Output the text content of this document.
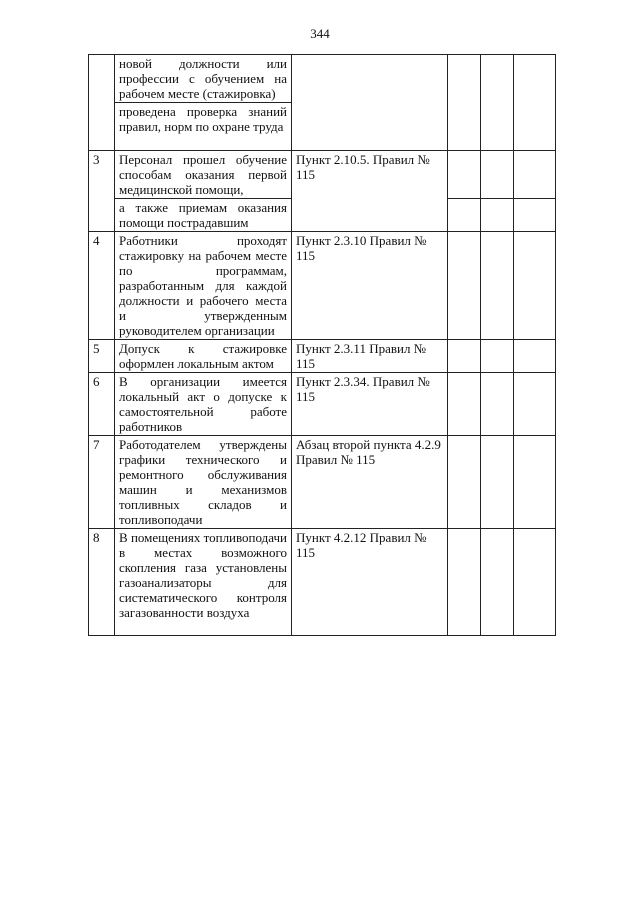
344
	новой должности или профессии с обучением на рабочем месте (стажировка)				
	проведена проверка знаний правил, норм по охране труда				
3	Персонал прошел обучение способам оказания первой медицинской помощи,	Пункт 2.10.5. Правил № 115			
	а также приемам оказания помощи пострадавшим				
4	Работники проходят стажировку на рабочем месте по программам, разработанным для каждой должности и рабочего места и утвержденным руководителем организации	Пункт 2.3.10 Правил № 115			
5	Допуск к стажировке оформлен локальным актом	Пункт 2.3.11 Правил № 115			
6	В организации имеется локальный акт о допуске к самостоятельной работе работников	Пункт 2.3.34. Правил № 115			
7	Работодателем утверждены графики технического и ремонтного обслуживания машин и механизмов топливных складов и топливоподачи	Абзац второй пункта 4.2.9 Правил № 115			
8	В помещениях топливоподачи в местах возможного скопления газа установлены газоанализаторы для систематического контроля загазованности воздуха	Пункт 4.2.12 Правил № 115			
